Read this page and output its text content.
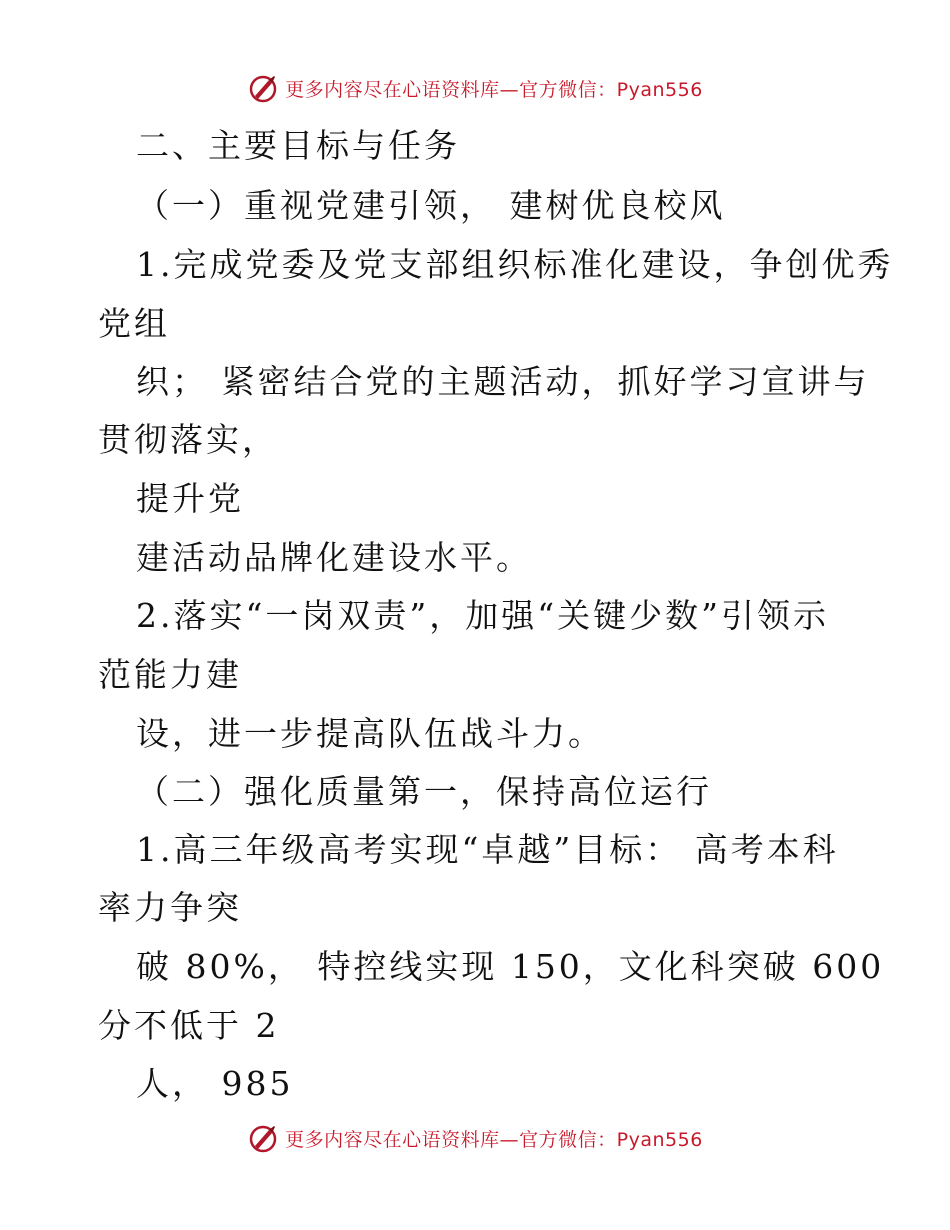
更多内容尽在心语资料库—官方微信：Pyan556
二、主要目标与任务
（一）重视党建引领， 建树优良校风
1.完成党委及党支部组织标准化建设，争创优秀
党组
织； 紧密结合党的主题活动，抓好学习宣讲与
贯彻落实，
提升党
建活动品牌化建设水平。
2.落实“一岗双责”，加强“关键少数”引领示
范能力建
设，进一步提高队伍战斗力。
（二）强化质量第一，保持高位运行
1.高三年级高考实现“卓越”目标： 高考本科
率力争突
破 80%， 特控线实现 150，文化科突破 600
分不低于 2
人， 985
更多内容尽在心语资料库—官方微信：Pyan556
